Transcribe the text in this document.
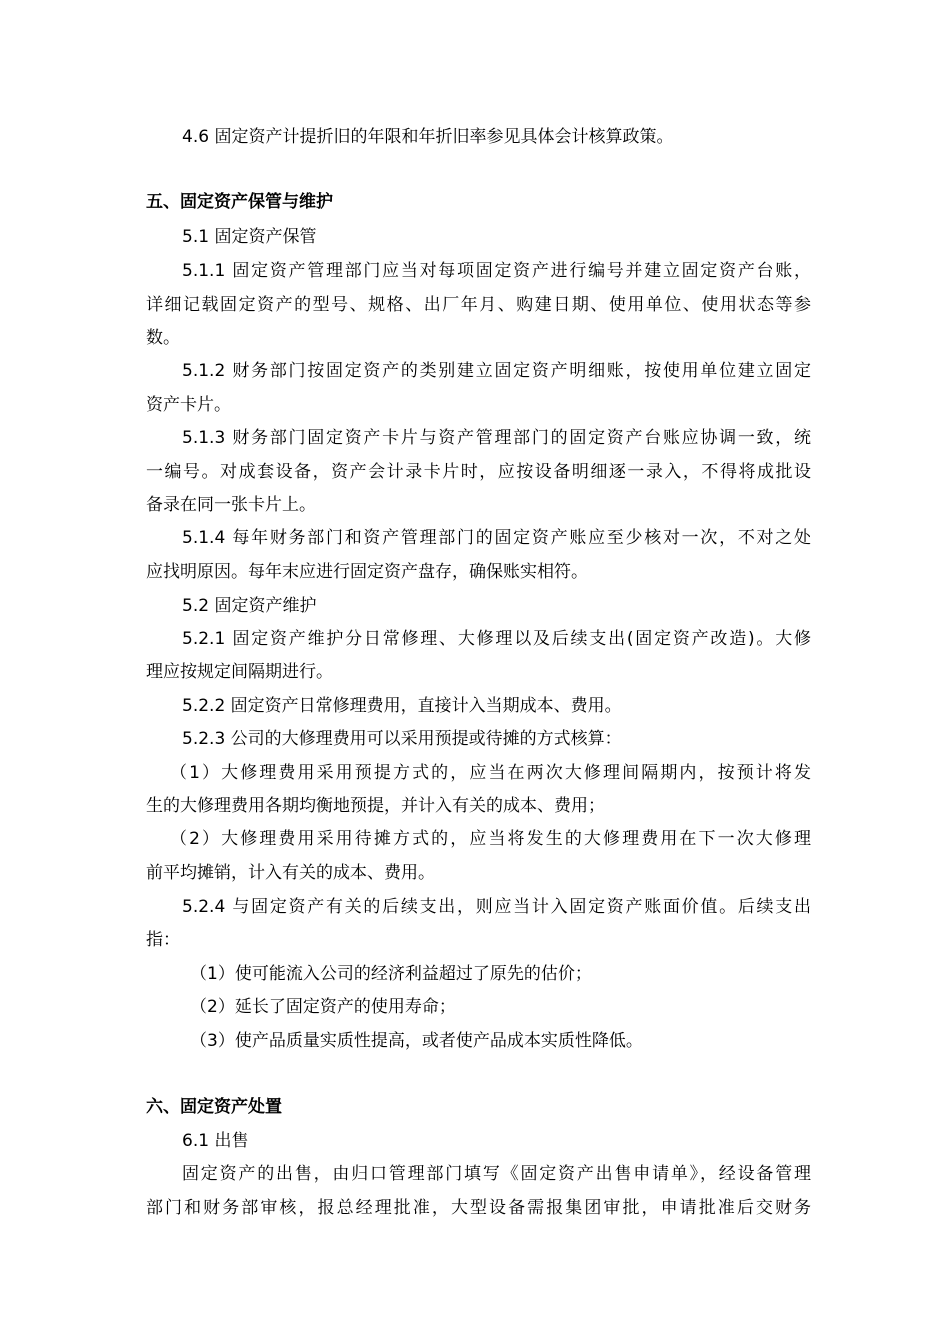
4.6 固定资产计提折旧的年限和年折旧率参见具体会计核算政策。
五、固定资产保管与维护
5.1 固定资产保管
5.1.1 固定资产管理部门应当对每项固定资产进行编号并建立固定资产台账，
详细记载固定资产的型号、规格、出厂年月、购建日期、使用单位、使用状态等参
数。
5.1.2 财务部门按固定资产的类别建立固定资产明细账，按使用单位建立固定
资产卡片。
5.1.3 财务部门固定资产卡片与资产管理部门的固定资产台账应协调一致，统
一编号。对成套设备，资产会计录卡片时，应按设备明细逐一录入，不得将成批设
备录在同一张卡片上。
5.1.4 每年财务部门和资产管理部门的固定资产账应至少核对一次，不对之处
应找明原因。每年末应进行固定资产盘存，确保账实相符。
5.2 固定资产维护
5.2.1 固定资产维护分日常修理、大修理以及后续支出(固定资产改造)。大修
理应按规定间隔期进行。
5.2.2 固定资产日常修理费用，直接计入当期成本、费用。
5.2.3 公司的大修理费用可以采用预提或待摊的方式核算：
（1）大修理费用采用预提方式的，应当在两次大修理间隔期内，按预计将发
生的大修理费用各期均衡地预提，并计入有关的成本、费用；
（2）大修理费用采用待摊方式的，应当将发生的大修理费用在下一次大修理
前平均摊销，计入有关的成本、费用。
5.2.4 与固定资产有关的后续支出，则应当计入固定资产账面价值。后续支出
指：
（1）使可能流入公司的经济利益超过了原先的估价；
（2）延长了固定资产的使用寿命；
（3）使产品质量实质性提高，或者使产品成本实质性降低。
六、固定资产处置
6.1 出售
固定资产的出售，由归口管理部门填写《固定资产出售申请单》，经设备管理
部门和财务部审核，报总经理批准，大型设备需报集团审批，申请批准后交财务
